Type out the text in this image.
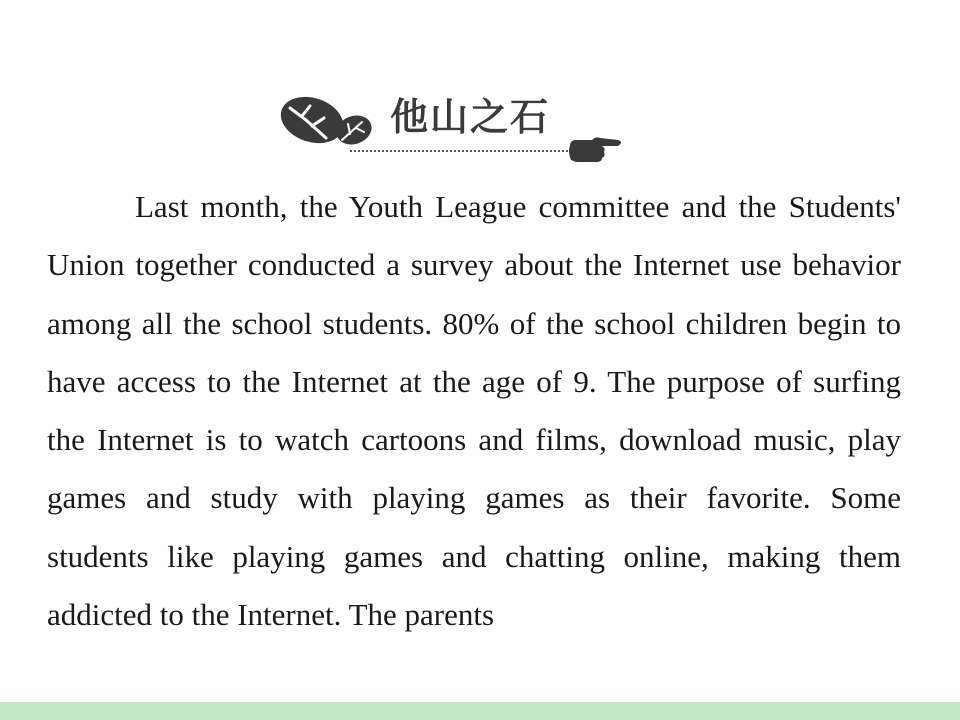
他山之石

Last month, the Youth League committee and the Students' Union together conducted a survey about the Internet use behavior among all the school students. 80% of the school children begin to have access to the Internet at the age of 9. The purpose of surfing the Internet is to watch cartoons and films, download music, play games and study with playing games as their favorite. Some students like playing games and chatting online, making them addicted to the Internet. The parents
